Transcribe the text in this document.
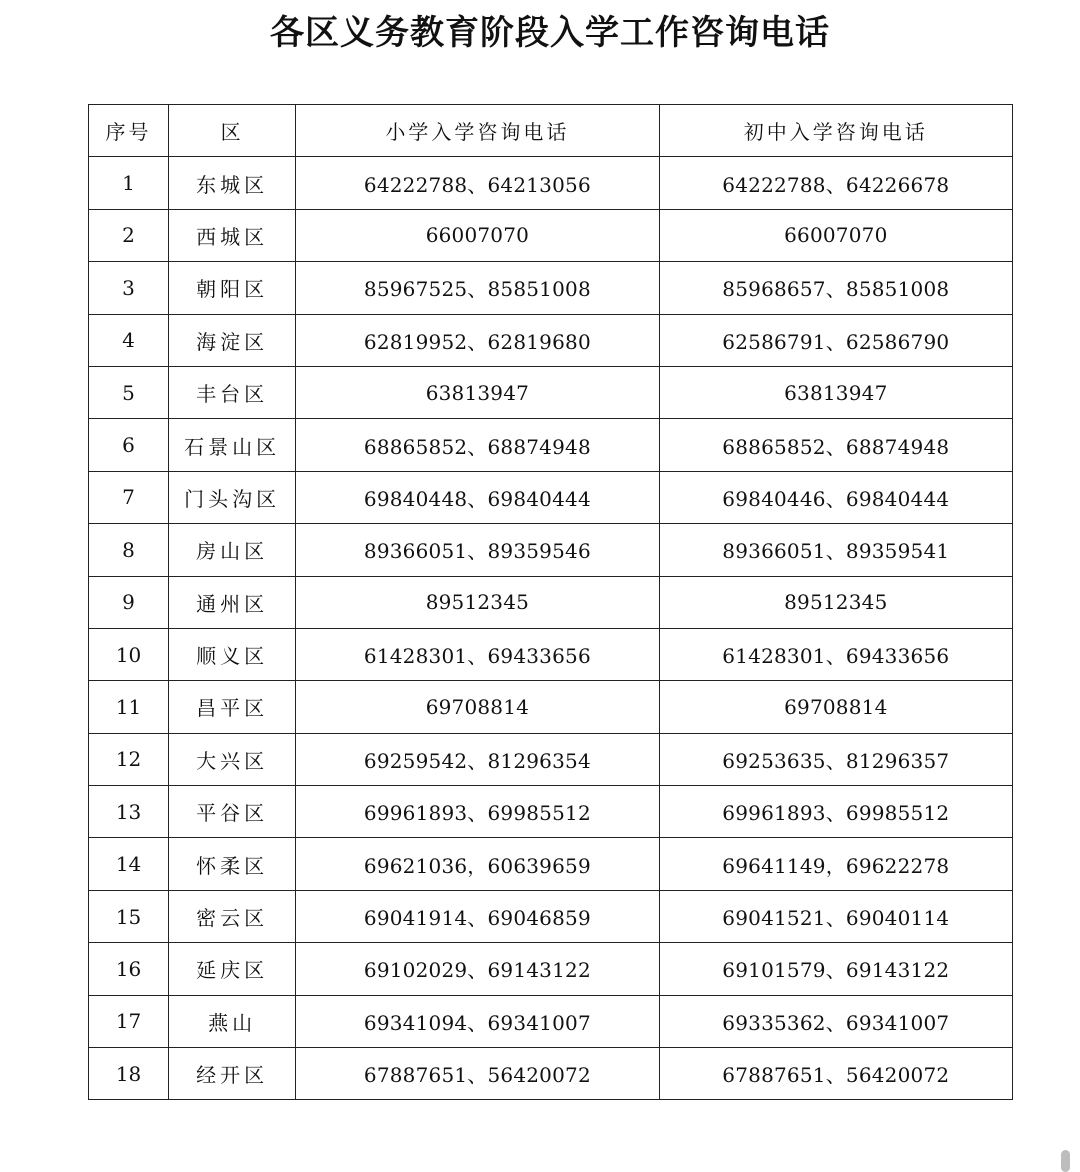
各区义务教育阶段入学工作咨询电话
序号	区	小学入学咨询电话	初中入学咨询电话
1	东城区	64222788、64213056	64222788、64226678
2	西城区	66007070	66007070
3	朝阳区	85967525、85851008	85968657、85851008
4	海淀区	62819952、62819680	62586791、62586790
5	丰台区	63813947	63813947
6	石景山区	68865852、68874948	68865852、68874948
7	门头沟区	69840448、69840444	69840446、69840444
8	房山区	89366051、89359546	89366051、89359541
9	通州区	89512345	89512345
10	顺义区	61428301、69433656	61428301、69433656
11	昌平区	69708814	69708814
12	大兴区	69259542、81296354	69253635、81296357
13	平谷区	69961893、69985512	69961893、69985512
14	怀柔区	69621036，60639659	69641149，69622278
15	密云区	69041914、69046859	69041521、69040114
16	延庆区	69102029、69143122	69101579、69143122
17	燕山	69341094、69341007	69335362、69341007
18	经开区	67887651、56420072	67887651、56420072
